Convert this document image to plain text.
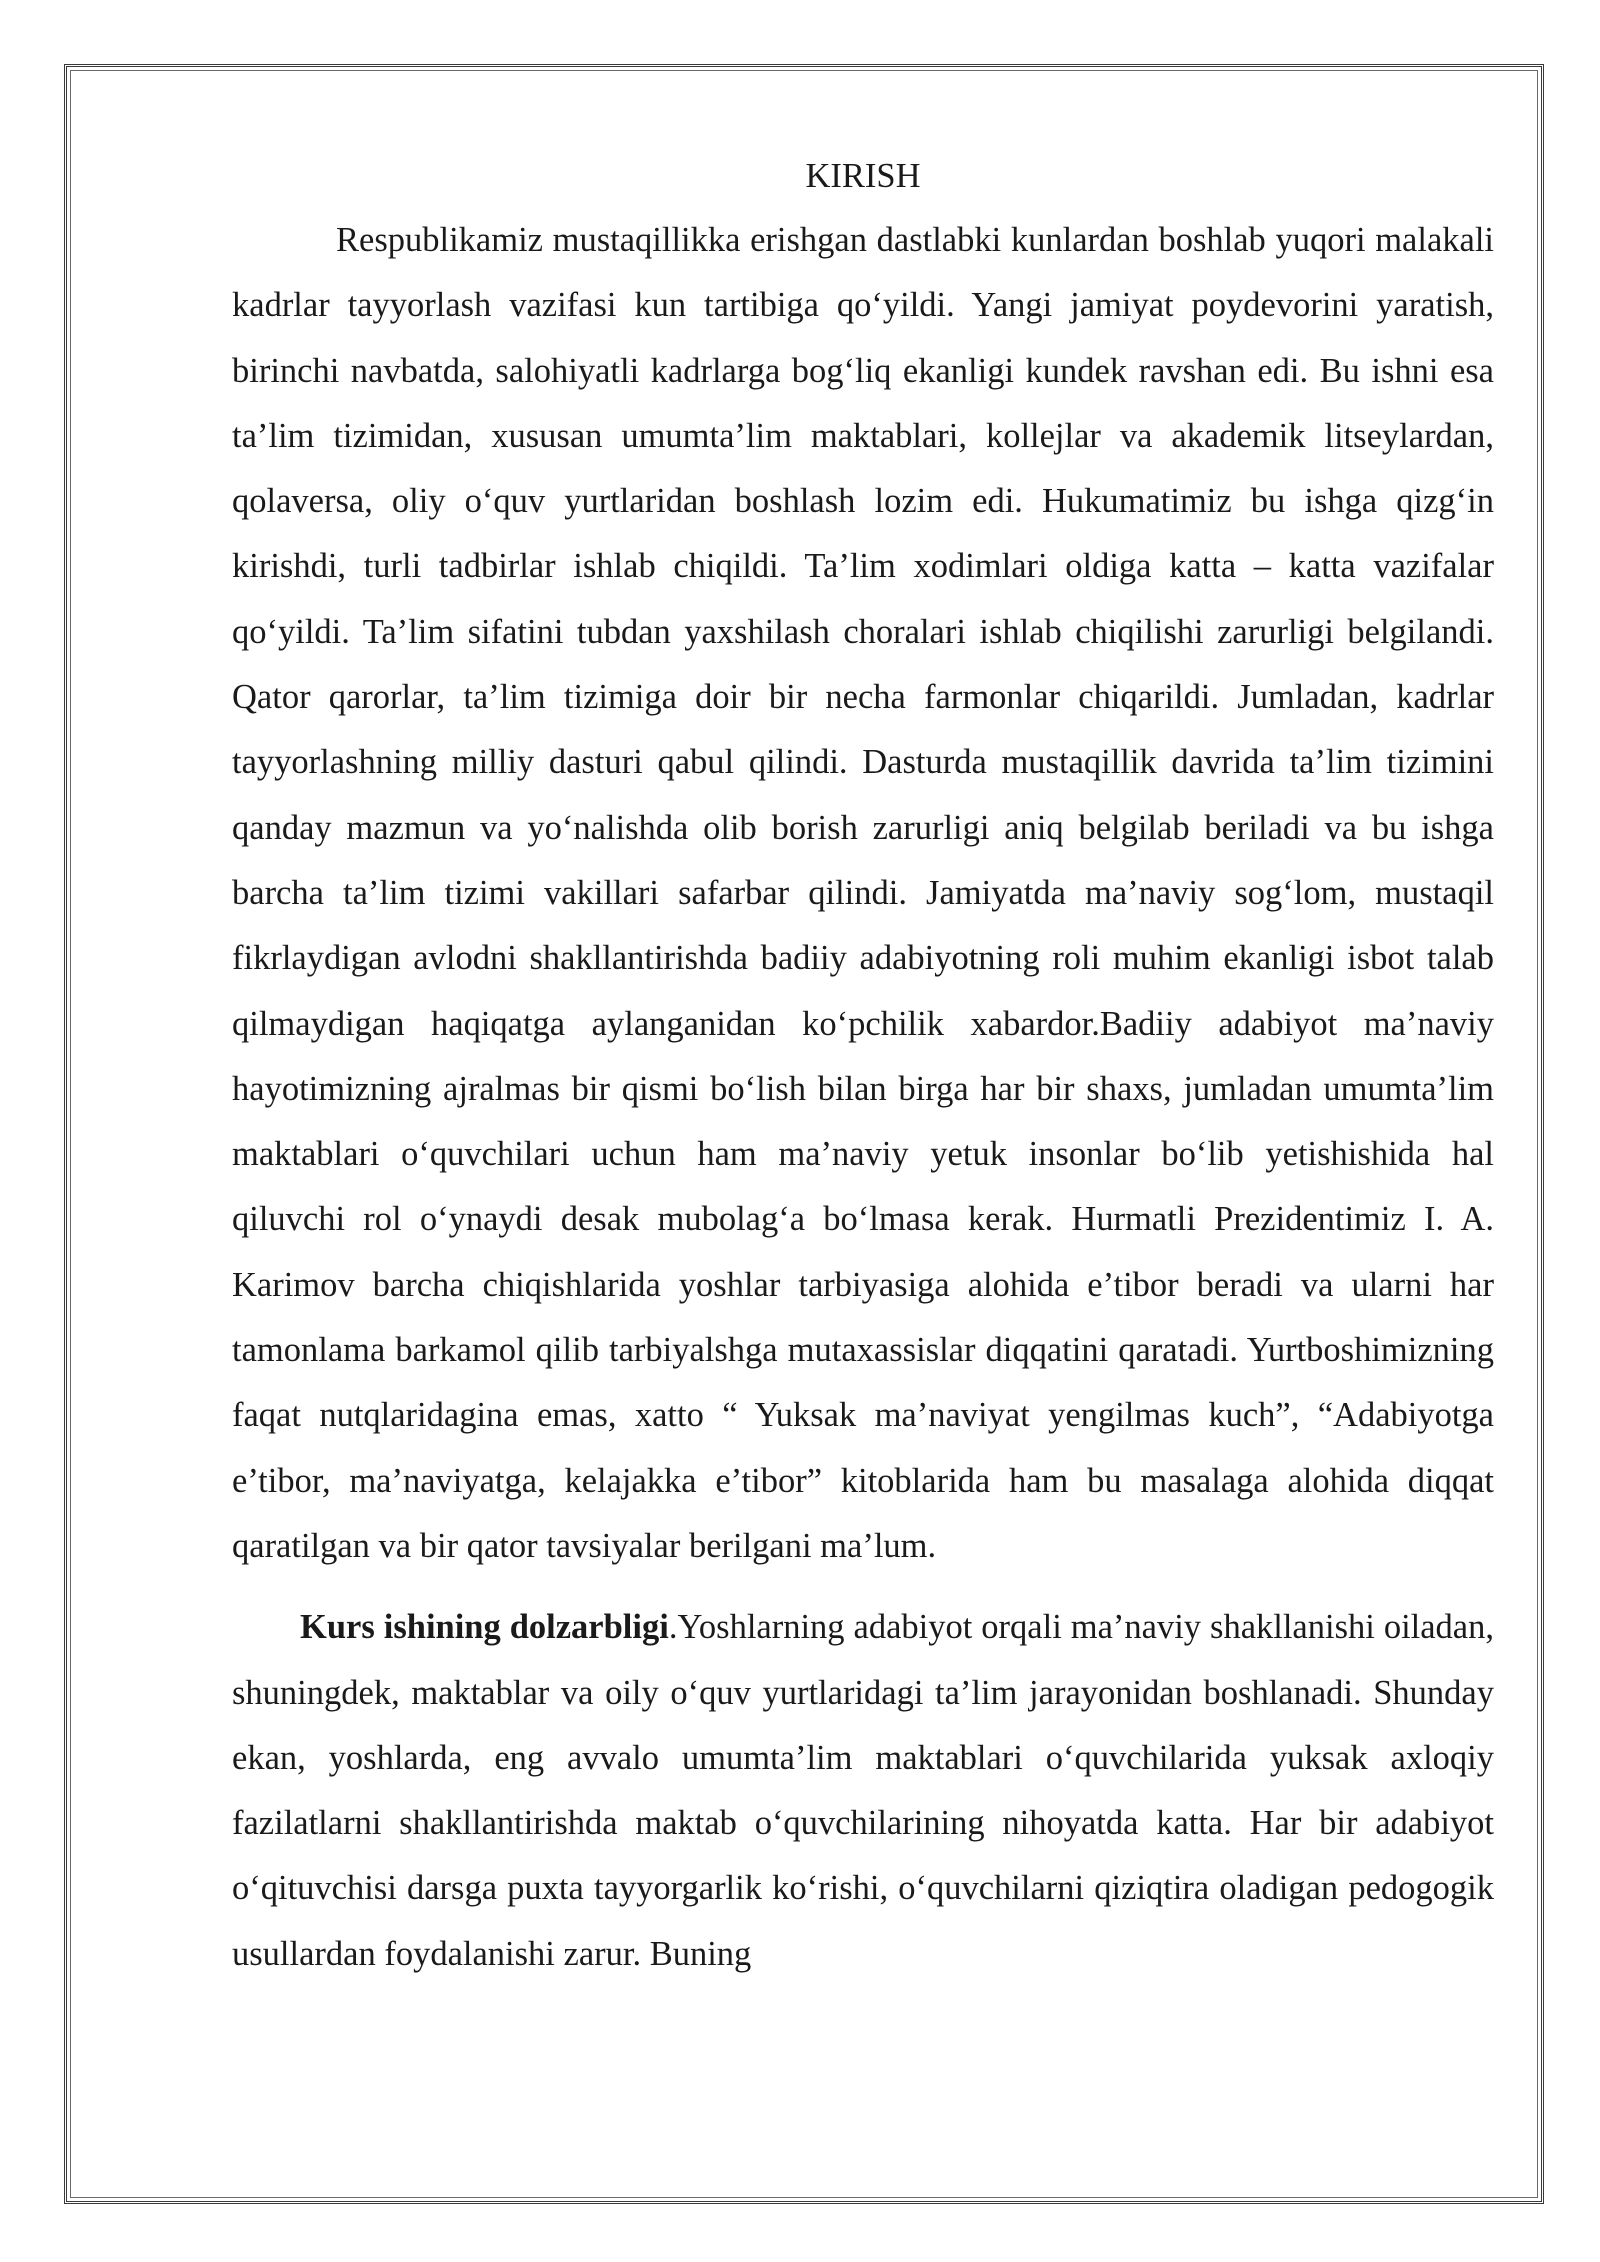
KIRISH

Respublikamiz mustaqillikka erishgan dastlabki kunlardan boshlab yuqori malakali kadrlar tayyorlash vazifasi kun tartibiga qo‘yildi. Yangi jamiyat poydevorini yaratish, birinchi navbatda, salohiyatli kadrlarga bog‘liq ekanligi kundek ravshan edi. Bu ishni esa ta’lim tizimidan, xususan umumta’lim maktablari, kollejlar va akademik litseylardan, qolaversa, oliy o‘quv yurtlaridan boshlash lozim edi. Hukumatimiz bu ishga qizg‘in kirishdi, turli tadbirlar ishlab chiqildi. Ta’lim xodimlari oldiga katta – katta vazifalar qo‘yildi. Ta’lim sifatini tubdan yaxshilash choralari ishlab chiqilishi zarurligi belgilandi. Qator qarorlar, ta’lim tizimiga doir bir necha farmonlar chiqarildi. Jumladan, kadrlar tayyorlashning milliy dasturi qabul qilindi. Dasturda mustaqillik davrida ta’lim tizimini qanday mazmun va yo‘nalishda olib borish zarurligi aniq belgilab beriladi va bu ishga barcha ta’lim tizimi vakillari safarbar qilindi. Jamiyatda ma’naviy sog‘lom, mustaqil fikrlaydigan avlodni shakllantirishda badiiy adabiyotning roli muhim ekanligi isbot talab qilmaydigan haqiqatga aylanganidan ko‘pchilik xabardor.Badiiy adabiyot ma’naviy hayotimizning ajralmas bir qismi bo‘lish bilan birga har bir shaxs, jumladan umumta’lim maktablari o‘quvchilari uchun ham ma’naviy yetuk insonlar bo‘lib yetishishida hal qiluvchi rol o‘ynaydi desak mubolag‘a bo‘lmasa kerak. Hurmatli Prezidentimiz I. A. Karimov barcha chiqishlarida yoshlar tarbiyasiga alohida e’tibor beradi va ularni har tamonlama barkamol qilib tarbiyalshga mutaxassislar diqqatini qaratadi. Yurtboshimizning faqat nutqlaridagina emas, xatto “ Yuksak ma’naviyat yengilmas kuch”, “Adabiyotga e’tibor, ma’naviyatga, kelajakka e’tibor” kitoblarida ham bu masalaga alohida diqqat qaratilgan va bir qator tavsiyalar berilgani ma’lum.

Kurs ishining dolzarbligi.Yoshlarning adabiyot orqali ma’naviy shakllanishi oiladan, shuningdek, maktablar va oily o‘quv yurtlaridagi ta’lim jarayonidan boshlanadi. Shunday ekan, yoshlarda, eng avvalo umumta’lim maktablari o‘quvchilarida yuksak axloqiy fazilatlarni shakllantirishda maktab o‘quvchilarining nihoyatda katta. Har bir adabiyot o‘qituvchisi darsga puxta tayyorgarlik ko‘rishi, o‘quvchilarni qiziqtira oladigan pedogogik usullardan foydalanishi zarur. Buning
